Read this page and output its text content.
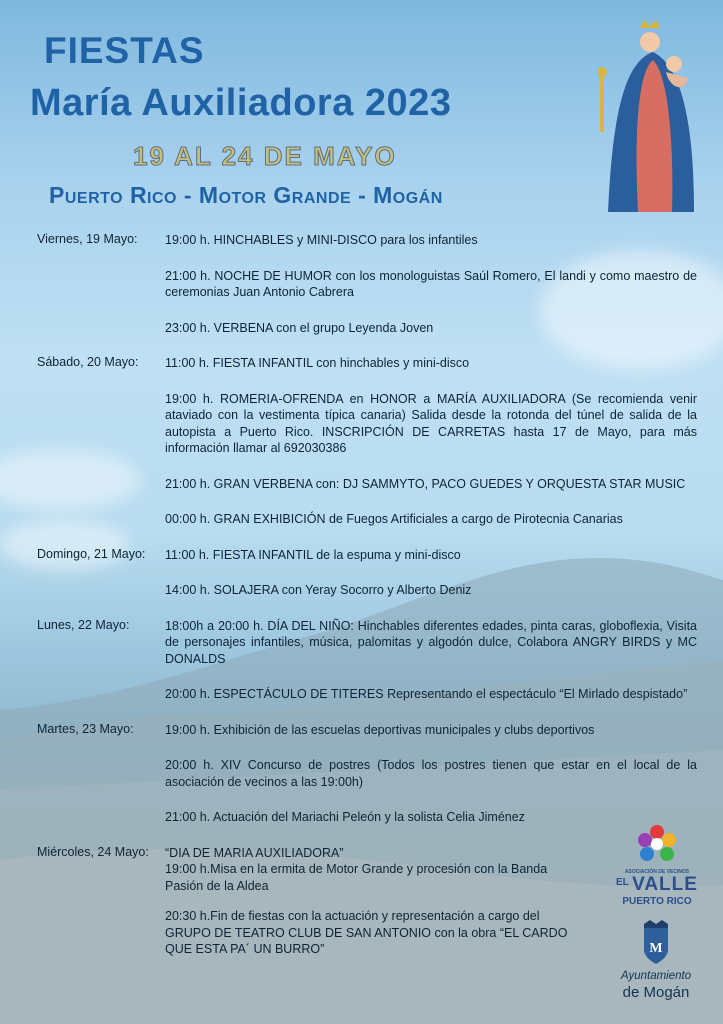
FIESTAS
María Auxiliadora 2023
19 AL 24 DE MAYO
Puerto Rico - Motor Grande - Mogán
Viernes, 19 Mayo:	19:00 h. HINCHABLES y MINI-DISCO para los infantiles
21:00 h. NOCHE DE HUMOR con los monologuistas Saúl Romero, El landi y como maestro de ceremonias Juan Antonio Cabrera
23:00 h. VERBENA con el grupo Leyenda Joven
Sábado, 20 Mayo:	11:00 h. FIESTA INFANTIL con hinchables y mini-disco
19:00 h. ROMERIA-OFRENDA en HONOR a MARÍA AUXILIADORA (Se recomienda venir ataviado con la vestimenta típica canaria) Salida desde la rotonda del túnel de salida de la autopista a Puerto Rico. INSCRIPCIÓN DE CARRETAS hasta 17 de Mayo, para más información llamar al 692030386
21:00 h. GRAN VERBENA con: DJ SAMMYTO, PACO GUEDES Y ORQUESTA STAR MUSIC
00:00 h. GRAN EXHIBICIÓN de Fuegos Artificiales a cargo de Pirotecnia Canarias
Domingo, 21 Mayo:	11:00 h. FIESTA INFANTIL de la espuma y mini-disco
14:00 h. SOLAJERA con Yeray Socorro y Alberto Deniz
Lunes, 22 Mayo:	18:00h a 20:00 h. DÍA DEL NIÑO: Hinchables diferentes edades, pinta caras, globoflexia, Visita de personajes infantiles, música, palomitas y algodón dulce, Colabora ANGRY BIRDS y MC DONALDS
20:00 h. ESPECTÁCULO DE TITERES Representando el espectáculo “El Mirlado despistado”
Martes, 23 Mayo:	19:00 h. Exhibición de las escuelas deportivas municipales y clubs deportivos
20:00 h. XIV Concurso de postres (Todos los postres tienen que estar en el local de la asociación de vecinos a las 19:00h)
21:00 h. Actuación del Mariachi Peleón y la solista Celia Jiménez
Miércoles, 24 Mayo:	“DIA DE MARIA AUXILIADORA”
19:00 h.Misa en la ermita de Motor Grande y procesión con la Banda Pasión de la Aldea
20:30 h.Fin de fiestas con la actuación y representación a cargo del GRUPO DE TEATRO CLUB DE SAN ANTONIO con la obra “EL CARDO QUE ESTA PA´ UN BURRO”
ASOCIACIÓN DE VECINOS
EL VALLE
PUERTO RICO
M
Ayuntamiento
de Mogán
